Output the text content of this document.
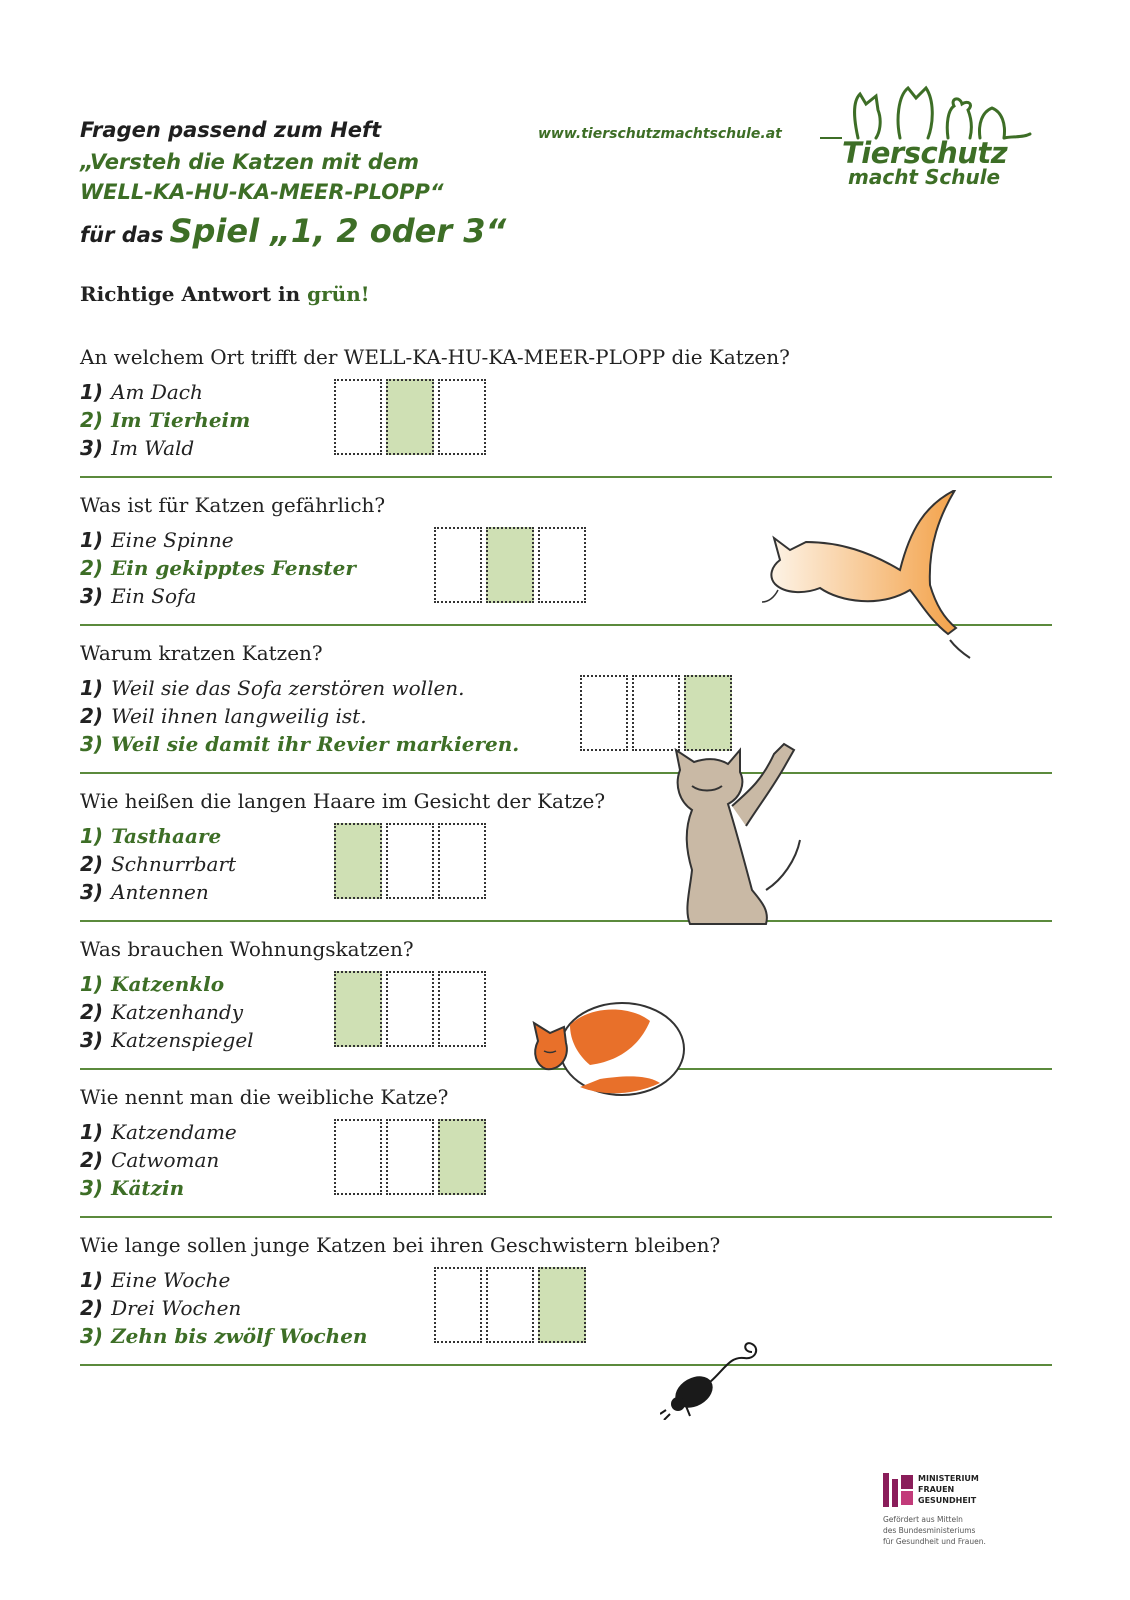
Fragen passend zum Heft
„Versteh die Katzen mit dem
WELL-KA-HU-KA-MEER-PLOPP“
für das Spiel „1, 2 oder 3“
www.tierschutzmachtschule.at
Tierschutz
macht Schule
Richtige Antwort in grün!
An welchem Ort trifft der WELL-KA-HU-KA-MEER-PLOPP die Katzen?
1) Am Dach
2) Im Tierheim
3) Im Wald
Was ist für Katzen gefährlich?
1) Eine Spinne
2) Ein gekipptes Fenster
3) Ein Sofa
Warum kratzen Katzen?
1) Weil sie das Sofa zerstören wollen.
2) Weil ihnen langweilig ist.
3) Weil sie damit ihr Revier markieren.
Wie heißen die langen Haare im Gesicht der Katze?
1) Tasthaare
2) Schnurrbart
3) Antennen
Was brauchen Wohnungskatzen?
1) Katzenklo
2) Katzenhandy
3) Katzenspiegel
Wie nennt man die weibliche Katze?
1) Katzendame
2) Catwoman
3) Kätzin
Wie lange sollen junge Katzen bei ihren Geschwistern bleiben?
1) Eine Woche
2) Drei Wochen
3) Zehn bis zwölf Wochen
MINISTERIUM
FRAUEN
GESUNDHEIT
Gefördert aus Mitteln
des Bundesministeriums
für Gesundheit und Frauen.
